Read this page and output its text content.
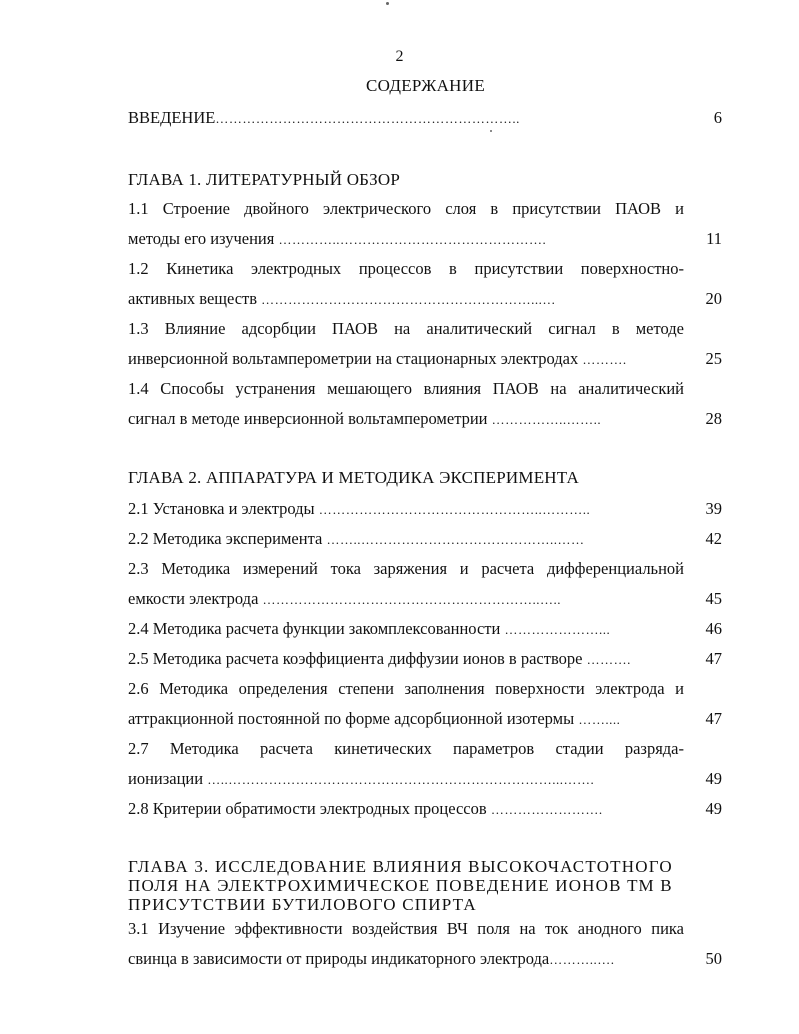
2
СОДЕРЖАНИЕ
ВВЕДЕНИЕ…………………………………………………………..	6
ГЛАВА 1. ЛИТЕРАТУРНЫЙ ОБЗОР
1.1 Строение двойного электрического слоя в присутствии ПАОВ и
методы его изучения …………..……………………………………….	11
1.2 Кинетика электродных процессов в присутствии поверхностно-
активных веществ ……………………………………………………...…	20
1.3 Влияние адсорбции ПАОВ на аналитический сигнал в методе
инверсионной вольтамперометрии на стационарных электродах ……….	25
1.4 Способы устранения мешающего влияния ПАОВ на аналитический
сигнал в методе инверсионной вольтамперометрии ……………..……..	28
ГЛАВА 2. АППАРАТУРА И МЕТОДИКА ЭКСПЕРИМЕНТА
2.1 Установка и электроды …………………………………………..………..	39
2.2 Методика эксперимента ……..……………………………………..……	42
2.3 Методика измерений тока заряжения и расчета дифференциальной
емкости электрода ……………………………………………………..…..	45
2.4 Методика расчета функции закомплексованности …………………...	46
2.5 Методика расчета коэффициента диффузии ионов в растворе ……….	47
2.6 Методика определения степени заполнения поверхности электрода и
аттракционной постоянной по форме адсорбционной изотермы ……....	47
2.7 Методика расчета кинетических параметров стадии разряда-
ионизации …..………………………………………………………………...…….	49
2.8 Критерии обратимости электродных процессов …………………….	49
ГЛАВА 3. ИССЛЕДОВАНИЕ ВЛИЯНИЯ ВЫСОКОЧАСТОТНОГО ПОЛЯ НА ЭЛЕКТРОХИМИЧЕСКОЕ ПОВЕДЕНИЕ ИОНОВ ТМ В ПРИСУТСТВИИ БУТИЛОВОГО СПИРТА
3.1 Изучение эффективности воздействия ВЧ поля на ток анодного пика
свинца в зависимости от природы индикаторного электрода………..….	50
